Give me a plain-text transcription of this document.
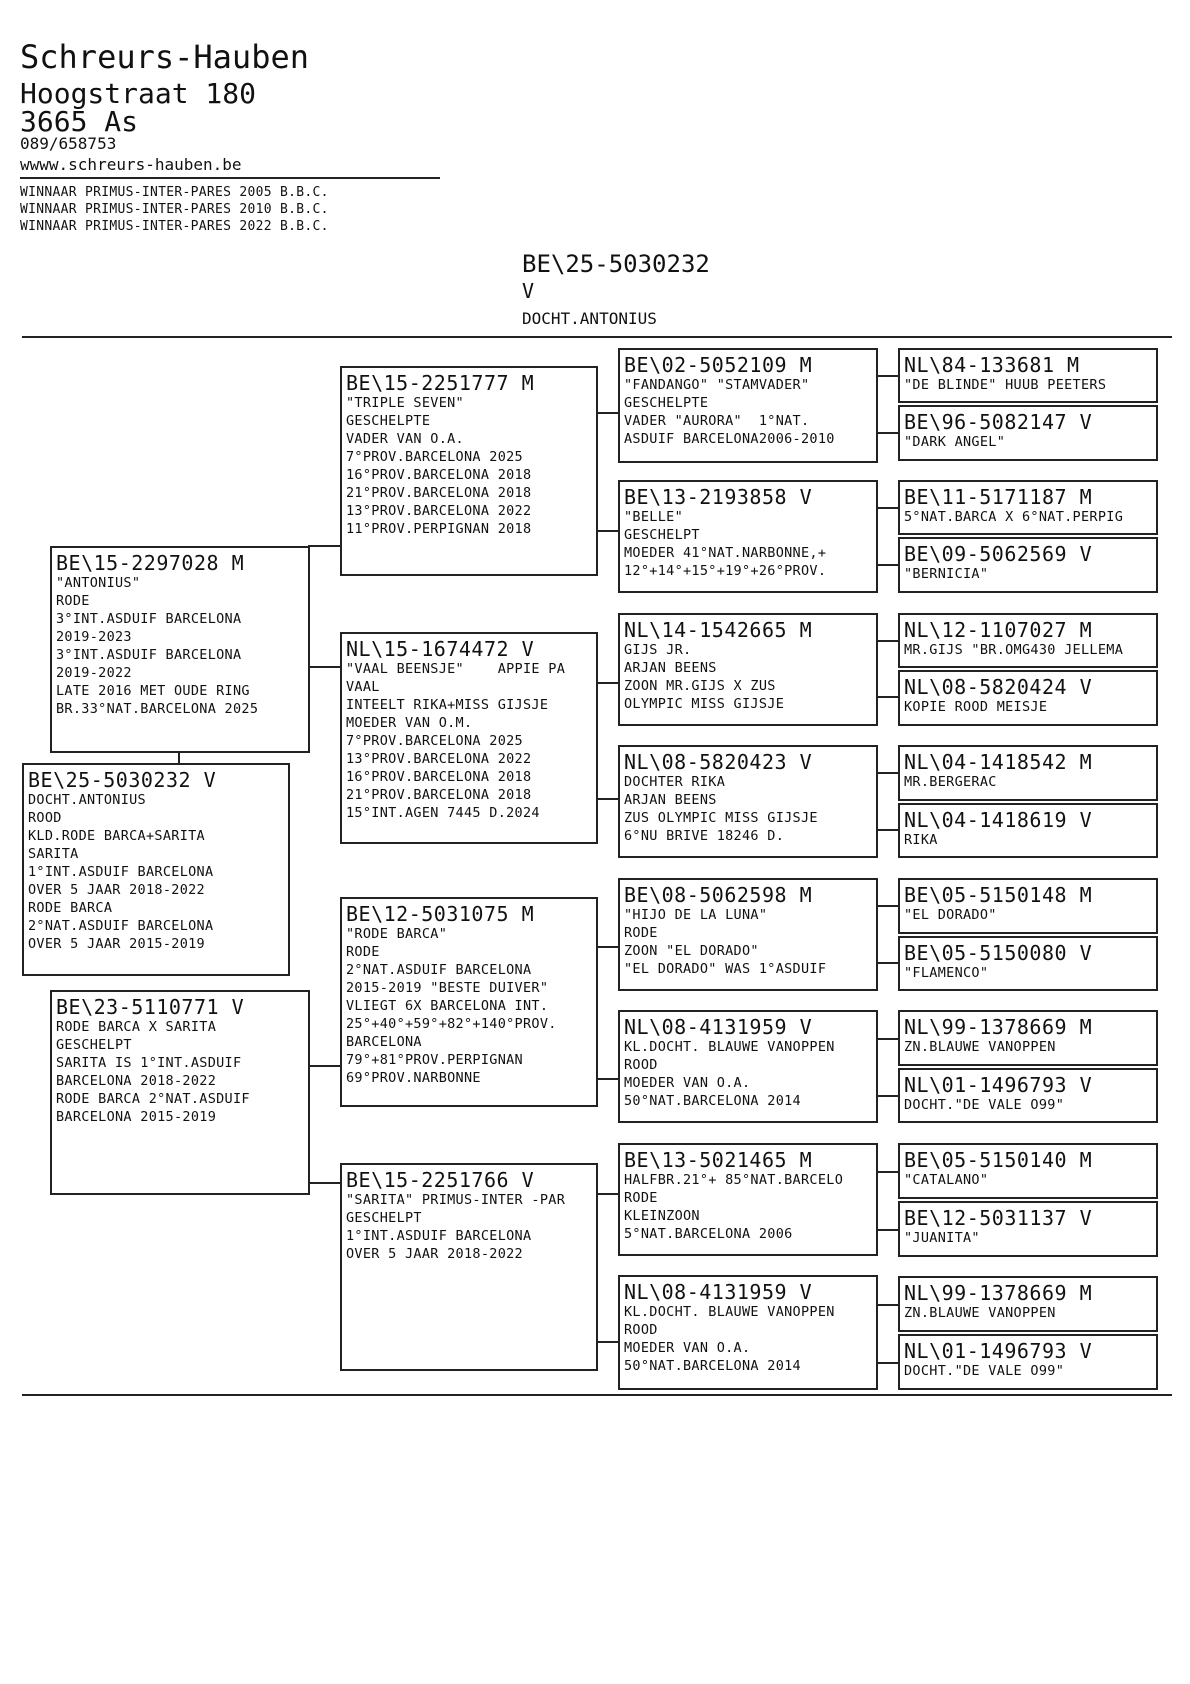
Schreurs-Hauben
Hoogstraat 180
3665 As
089/658753
wwww.schreurs-hauben.be
WINNAAR PRIMUS-INTER-PARES 2005 B.B.C.
WINNAAR PRIMUS-INTER-PARES 2010 B.B.C.
WINNAAR PRIMUS-INTER-PARES 2022 B.B.C.
BE\25-5030232
V
DOCHT.ANTONIUS
BE\25-5030232 V
DOCHT.ANTONIUS
ROOD
KLD.RODE BARCA+SARITA
SARITA
1°INT.ASDUIF BARCELONA
OVER 5 JAAR 2018-2022
RODE BARCA
2°NAT.ASDUIF BARCELONA
OVER 5 JAAR 2015-2019
BE\15-2297028 M
"ANTONIUS"
RODE
3°INT.ASDUIF BARCELONA
2019-2023
3°INT.ASDUIF BARCELONA
2019-2022
LATE 2016 MET OUDE RING
BR.33°NAT.BARCELONA 2025
BE\23-5110771 V
RODE BARCA X SARITA
GESCHELPT
SARITA IS 1°INT.ASDUIF
BARCELONA 2018-2022
RODE BARCA 2°NAT.ASDUIF
BARCELONA 2015-2019
BE\15-2251777 M
"TRIPLE SEVEN"
GESCHELPTE
VADER VAN O.A.
7°PROV.BARCELONA 2025
16°PROV.BARCELONA 2018
21°PROV.BARCELONA 2018
13°PROV.BARCELONA 2022
11°PROV.PERPIGNAN 2018
NL\15-1674472 V
"VAAL BEENSJE"    APPIE PA
VAAL
INTEELT RIKA+MISS GIJSJE
MOEDER VAN O.M.
7°PROV.BARCELONA 2025
13°PROV.BARCELONA 2022
16°PROV.BARCELONA 2018
21°PROV.BARCELONA 2018
15°INT.AGEN 7445 D.2024
BE\12-5031075 M
"RODE BARCA"
RODE
2°NAT.ASDUIF BARCELONA
2015-2019 "BESTE DUIVER"
VLIEGT 6X BARCELONA INT.
25°+40°+59°+82°+140°PROV.
BARCELONA
79°+81°PROV.PERPIGNAN
69°PROV.NARBONNE
BE\15-2251766 V
"SARITA" PRIMUS-INTER -PAR
GESCHELPT
1°INT.ASDUIF BARCELONA
OVER 5 JAAR 2018-2022
BE\02-5052109 M
"FANDANGO" "STAMVADER"
GESCHELPTE
VADER "AURORA"  1°NAT.
ASDUIF BARCELONA2006-2010
BE\13-2193858 V
"BELLE"
GESCHELPT
MOEDER 41°NAT.NARBONNE,+
12°+14°+15°+19°+26°PROV.
NL\14-1542665 M
GIJS JR.
ARJAN BEENS
ZOON MR.GIJS X ZUS
OLYMPIC MISS GIJSJE
NL\08-5820423 V
DOCHTER RIKA
ARJAN BEENS
ZUS OLYMPIC MISS GIJSJE
6°NU BRIVE 18246 D.
BE\08-5062598 M
"HIJO DE LA LUNA"
RODE
ZOON "EL DORADO"
"EL DORADO" WAS 1°ASDUIF
NL\08-4131959 V
KL.DOCHT. BLAUWE VANOPPEN
ROOD
MOEDER VAN O.A.
50°NAT.BARCELONA 2014
BE\13-5021465 M
HALFBR.21°+ 85°NAT.BARCELO
RODE
KLEINZOON
5°NAT.BARCELONA 2006
NL\08-4131959 V
KL.DOCHT. BLAUWE VANOPPEN
ROOD
MOEDER VAN O.A.
50°NAT.BARCELONA 2014
NL\84-133681 M
"DE BLINDE" HUUB PEETERS
BE\96-5082147 V
"DARK ANGEL"
BE\11-5171187 M
5°NAT.BARCA X 6°NAT.PERPIG
BE\09-5062569 V
"BERNICIA"
NL\12-1107027 M
MR.GIJS "BR.OMG430 JELLEMA
NL\08-5820424 V
KOPIE ROOD MEISJE
NL\04-1418542 M
MR.BERGERAC
NL\04-1418619 V
RIKA
BE\05-5150148 M
"EL DORADO"
BE\05-5150080 V
"FLAMENCO"
NL\99-1378669 M
ZN.BLAUWE VANOPPEN
NL\01-1496793 V
DOCHT."DE VALE O99"
BE\05-5150140 M
"CATALANO"
BE\12-5031137 V
"JUANITA"
NL\99-1378669 M
ZN.BLAUWE VANOPPEN
NL\01-1496793 V
DOCHT."DE VALE O99"
